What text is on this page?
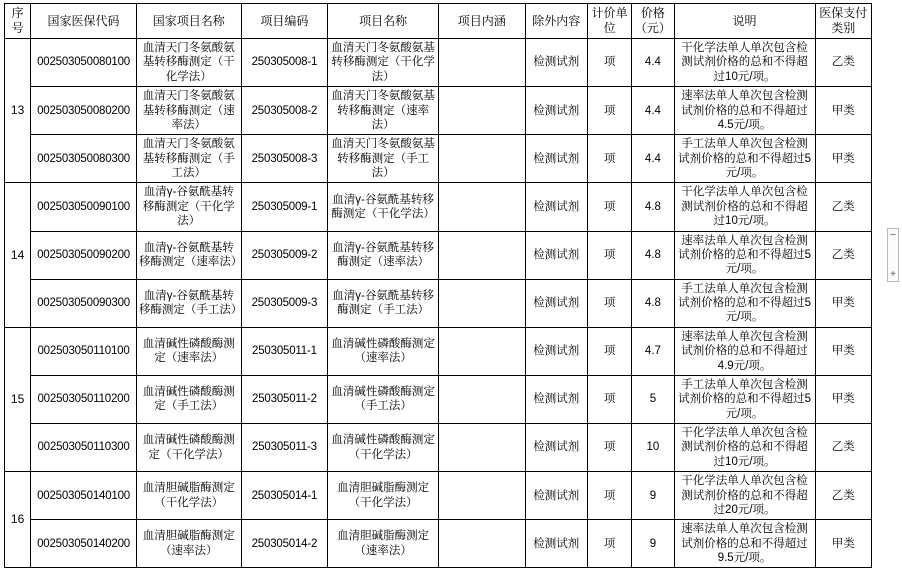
序号	国家医保代码	国家项目名称	项目编码	项目名称	项目内涵	除外内容	计价单位	价格（元）	说明	医保支付类别
13	002503050080100	血清天门冬氨酸氨基转移酶测定（干化学法）	250305008-1	血清天门冬氨酸氨基转移酶测定（干化学法）		检测试剂	项	4.4	干化学法单人单次包含检测试剂价格的总和不得超过10元/项。	乙类
	002503050080200	血清天门冬氨酸氨基转移酶测定（速率法）	250305008-2	血清天门冬氨酸氨基转移酶测定（速率法）		检测试剂	项	4.4	速率法单人单次包含检测试剂价格的总和不得超过4.5元/项。	甲类
	002503050080300	血清天门冬氨酸氨基转移酶测定（手工法）	250305008-3	血清天门冬氨酸氨基转移酶测定（手工法）		检测试剂	项	4.4	手工法单人单次包含检测试剂价格的总和不得超过5元/项。	甲类
14	002503050090100	血清γ-谷氨酰基转移酶测定（干化学法）	250305009-1	血清γ-谷氨酰基转移酶测定（干化学法）		检测试剂	项	4.8	干化学法单人单次包含检测试剂价格的总和不得超过10元/项。	乙类
	002503050090200	血清γ-谷氨酰基转移酶测定（速率法）	250305009-2	血清γ-谷氨酰基转移酶测定（速率法）		检测试剂	项	4.8	速率法单人单次包含检测试剂价格的总和不得超过5元/项。	乙类
	002503050090300	血清γ-谷氨酰基转移酶测定（手工法）	250305009-3	血清γ-谷氨酰基转移酶测定（手工法）		检测试剂	项	4.8	手工法单人单次包含检测试剂价格的总和不得超过5元/项。	甲类
15	002503050110100	血清碱性磷酸酶测定（速率法）	250305011-1	血清碱性磷酸酶测定（速率法）		检测试剂	项	4.7	速率法单人单次包含检测试剂价格的总和不得超过4.9元/项。	甲类
	002503050110200	血清碱性磷酸酶测定（手工法）	250305011-2	血清碱性磷酸酶测定（手工法）		检测试剂	项	5	手工法单人单次包含检测试剂价格的总和不得超过5元/项。	甲类
	002503050110300	血清碱性磷酸酶测定（干化学法）	250305011-3	血清碱性磷酸酶测定（干化学法）		检测试剂	项	10	干化学法单人单次包含检测试剂价格的总和不得超过10元/项。	乙类
16	002503050140100	血清胆碱脂酶测定（干化学法）	250305014-1	血清胆碱脂酶测定（干化学法）		检测试剂	项	9	干化学法单人单次包含检测试剂价格的总和不得超过20元/项。	乙类
	002503050140200	血清胆碱脂酶测定（速率法）	250305014-2	血清胆碱脂酶测定（速率法）		检测试剂	项	9	速率法单人单次包含检测试剂价格的总和不得超过9.5元/项。	甲类
–
+
